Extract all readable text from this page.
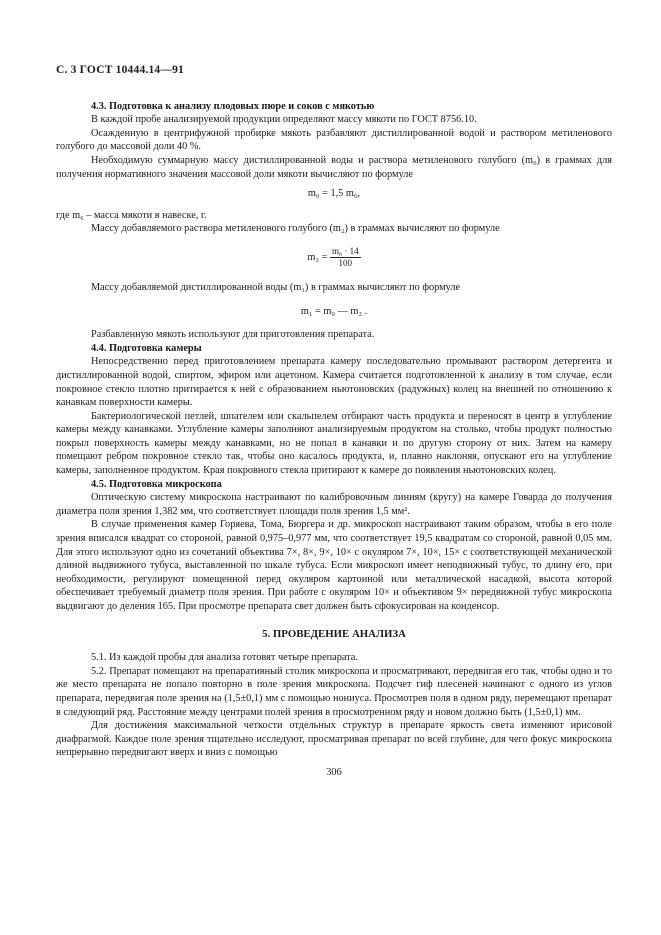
С. 3 ГОСТ 10444.14—91

4.3. Подготовка к анализу плодовых пюре и соков с мякотью

В каждой пробе анализируемой продукции определяют массу мякоти по ГОСТ 8756.10.

Осажденную в центрифужной пробирке мякоть разбавляют дистиллированной водой и раствором метиленового голубого до массовой доли 40 %.

Необходимую суммарную массу дистиллированной воды и раствора метиленового голубого (m₀) в граммах для получения нормативного значения массовой доли мякоти вычисляют по формуле

m₀ = 1,5 m₆,

где m₆ – масса мякоти в навеске, г.

Массу добавляемого раствора метиленового голубого (m₂) в граммах вычисляют по формуле

$m_2 = \frac{\text{m₆ · 14}}{100}$

Массу добавляемой дистиллированной воды (m₁) в граммах вычисляют по формуле

m₁ = m₀ — m₂ .

Разбавленную мякоть используют для приготовления препарата.

4.4. Подготовка камеры

Непосредственно перед приготовлением препарата камеру последовательно промывают раствором детергента и дистиллированной водой, спиртом, эфиром или ацетоном. Камера считается подготовленной к анализу в том случае, если покровное стекло плотно притирается к ней с образованием ньютоновских (радужных) колец на внешней по отношению к канавкам поверхности камеры.

Бактериологической петлей, шпателем или скальпелем отбирают часть продукта и переносят в центр в углубление камеры между канавками. Углубление камеры заполняют анализируемым продуктом на столько, чтобы продукт полностью покрыл поверхность камеры между канавками, но не попал в канавки и по другую сторону от них. Затем на камеру помещают ребром покровное стекло так, чтобы оно касалось продукта, и, плавно наклоняя, опускают его на углубление камеры, заполненное продуктом. Края покровного стекла притирают к камере до появления ньютоновских колец.

4.5. Подготовка микроскопа

Оптическую систему микроскопа настраивают по калибровочным линиям (кругу) на камере Говарда до получения диаметра поля зрения 1,382 мм, что соответствует площади поля зрения 1,5 мм².

В случае применения камер Горяева, Тома, Бюргера и др. микроскоп настраивают таким образом, чтобы в его поле зрения вписался квадрат со стороной, равной 0,975–0,977 мм, что соответствует 19,5 квадратам со стороной, равной 0,05 мм. Для этого используют одно из сочетаний объектива 7×, 8×, 9×, 10× с окуляром 7×, 10×, 15× с соответствующей механической длиной выдвижного тубуса, выставленной по шкале тубуса. Если микроскоп имеет неподвижный тубус, то длину его, при необходимости, регулируют помещенной перед окуляром картонной или металлической насадкой, высота которой обеспечивает требуемый диаметр поля зрения. При работе с окуляром 10× и объективом 9× передвижной тубус микроскопа выдвигают до деления 165. При просмотре препарата свет должен быть сфокусирован на конденсор.

5. ПРОВЕДЕНИЕ АНАЛИЗА

5.1. Из каждой пробы для анализа готовят четыре препарата.

5.2. Препарат помещают на препаративный столик микроскопа и просматривают, передвигая его так, чтобы одно и то же место препарата не попало повторно в поле зрения микроскопа. Подсчет гиф плесеней начинают с одного из углов препарата, передвигая поле зрения на (1,5±0,1) мм с помощью нониуса. Просмотрев поля в одном ряду, перемещают препарат в следующий ряд. Расстояние между центрами полей зрения в просмотренном ряду и новом должно быть (1,5±0,1) мм.

Для достижения максимальной четкости отдельных структур в препарате яркость света изменяют ирисовой диафрагмой. Каждое поле зрения тщательно исследуют, просматривая препарат по всей глубине, для чего фокус микроскопа непрерывно передвигают вверх и вниз с помощью

306
